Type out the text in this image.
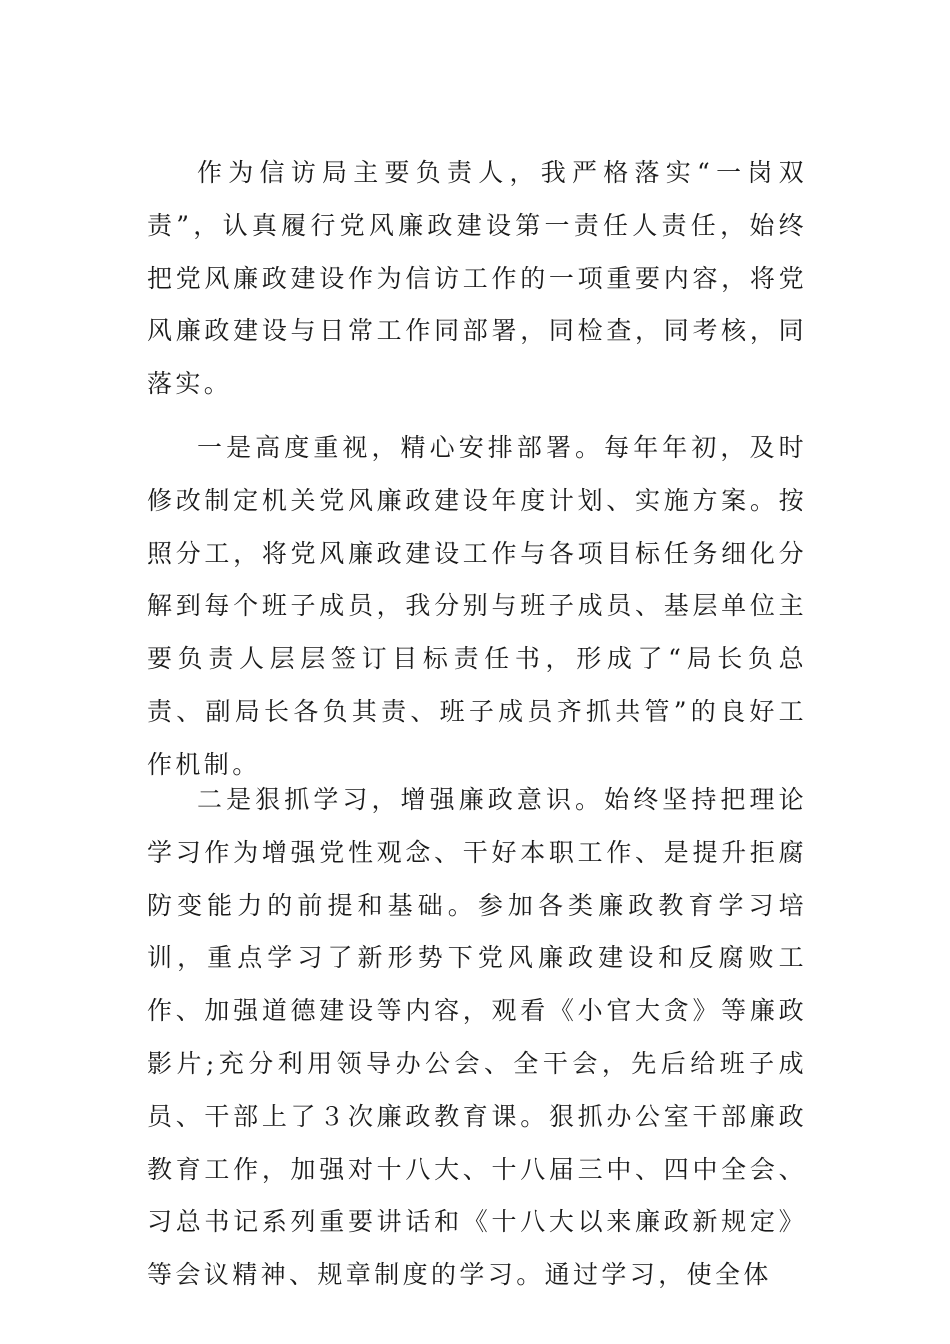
作为信访局主要负责人，我严格落实“一岗双责”，认真履行党风廉政建设第一责任人责任，始终把党风廉政建设作为信访工作的一项重要内容，将党风廉政建设与日常工作同部署，同检查，同考核，同落实。

一是高度重视，精心安排部署。每年年初，及时修改制定机关党风廉政建设年度计划、实施方案。按照分工，将党风廉政建设工作与各项目标任务细化分解到每个班子成员，我分别与班子成员、基层单位主要负责人层层签订目标责任书，形成了“局长负总责、副局长各负其责、班子成员齐抓共管”的良好工作机制。

二是狠抓学习，增强廉政意识。始终坚持把理论学习作为增强党性观念、干好本职工作、是提升拒腐防变能力的前提和基础。参加各类廉政教育学习培训，重点学习了新形势下党风廉政建设和反腐败工作、加强道德建设等内容，观看《小官大贪》等廉政影片;充分利用领导办公会、全干会，先后给班子成员、干部上了３次廉政教育课。狠抓办公室干部廉政教育工作，加强对十八大、十八届三中、四中全会、习总书记系列重要讲话和《十八大以来廉政新规定》等会议精神、规章制度的学习。通过学习，使全体
